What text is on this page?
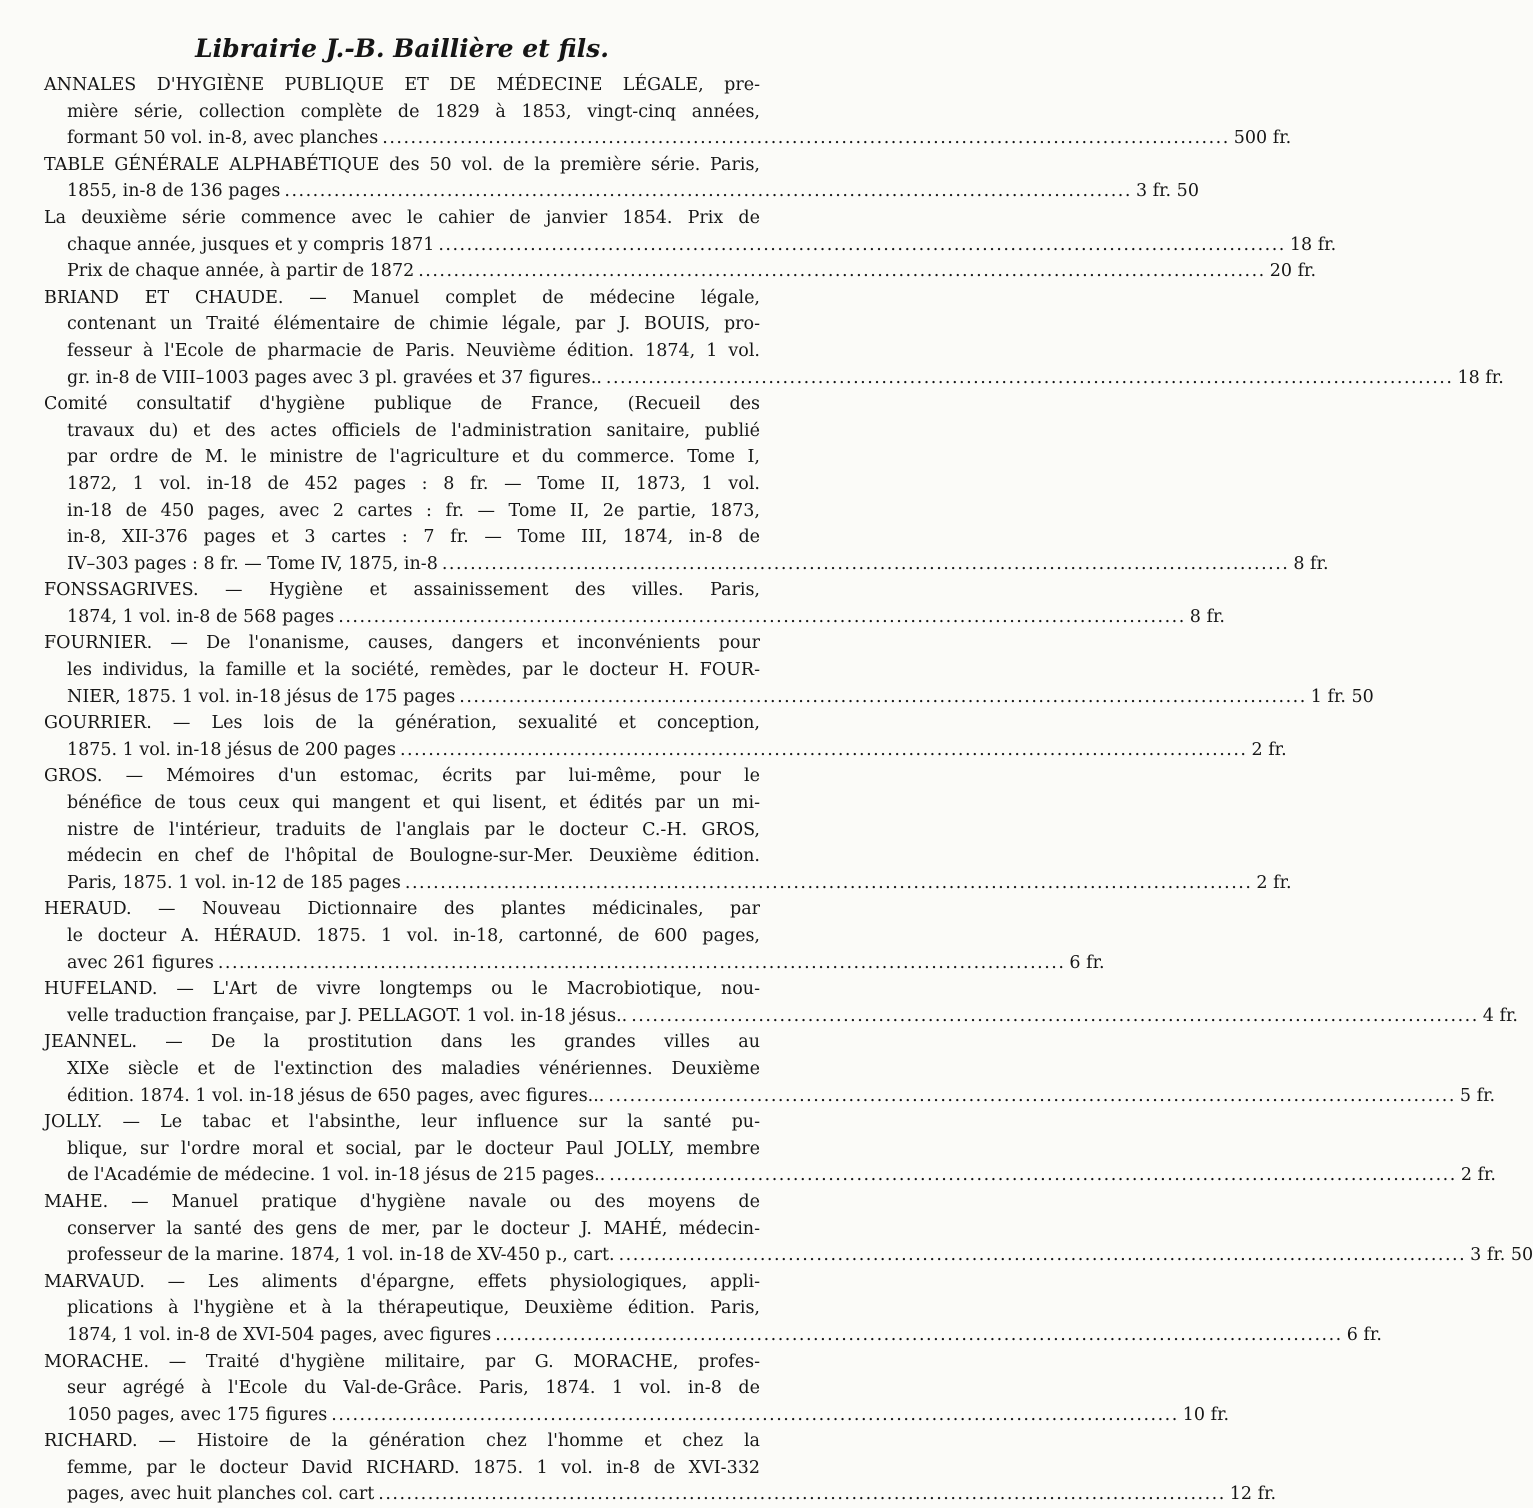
Librairie J.-B. Baillière et fils.
ANNALES D'HYGIÈNE PUBLIQUE ET DE MÉDECINE LÉGALE, pre-
mière série, collection complète de 1829 à 1853, vingt-cinq années,
formant 50 vol. in-8, avec planches ........................................................................................................................ 500 fr.
TABLE GÉNÉRALE ALPHABÉTIQUE des 50 vol. de la première série. Paris,
1855, in-8 de 136 pages ........................................................................................................................ 3 fr. 50
La deuxième série commence avec le cahier de janvier 1854. Prix de
chaque année, jusques et y compris 1871 ........................................................................................................................ 18 fr.
Prix de chaque année, à partir de 1872 ........................................................................................................................ 20 fr.
BRIAND ET CHAUDE. — Manuel complet de médecine légale,
contenant un Traité élémentaire de chimie légale, par J. BOUIS, pro-
fesseur à l'Ecole de pharmacie de Paris. Neuvième édition. 1874, 1 vol.
gr. in-8 de VIII–1003 pages avec 3 pl. gravées et 37 figures.. ........................................................................................................................ 18 fr.
Comité consultatif d'hygiène publique de France, (Recueil des
travaux du) et des actes officiels de l'administration sanitaire, publié
par ordre de M. le ministre de l'agriculture et du commerce. Tome I,
1872, 1 vol. in-18 de 452 pages : 8 fr. — Tome II, 1873, 1 vol.
in-18 de 450 pages, avec 2 cartes : fr. — Tome II, 2e partie, 1873,
in-8, XII-376 pages et 3 cartes : 7 fr. — Tome III, 1874, in-8 de
IV–303 pages : 8 fr. — Tome IV, 1875, in-8 ........................................................................................................................ 8 fr.
FONSSAGRIVES. — Hygiène et assainissement des villes. Paris,
1874, 1 vol. in-8 de 568 pages ........................................................................................................................ 8 fr.
FOURNIER. — De l'onanisme, causes, dangers et inconvénients pour
les individus, la famille et la société, remèdes, par le docteur H. FOUR-
NIER, 1875. 1 vol. in-18 jésus de 175 pages ........................................................................................................................ 1 fr. 50
GOURRIER. — Les lois de la génération, sexualité et conception,
1875. 1 vol. in-18 jésus de 200 pages ........................................................................................................................ 2 fr.
GROS. — Mémoires d'un estomac, écrits par lui-même, pour le
bénéfice de tous ceux qui mangent et qui lisent, et édités par un mi-
nistre de l'intérieur, traduits de l'anglais par le docteur C.-H. GROS,
médecin en chef de l'hôpital de Boulogne-sur-Mer. Deuxième édition.
Paris, 1875. 1 vol. in-12 de 185 pages ........................................................................................................................ 2 fr.
HERAUD. — Nouveau Dictionnaire des plantes médicinales, par
le docteur A. HÉRAUD. 1875. 1 vol. in-18, cartonné, de 600 pages,
avec 261 figures ........................................................................................................................ 6 fr.
HUFELAND. — L'Art de vivre longtemps ou le Macrobiotique, nou-
velle traduction française, par J. PELLAGOT. 1 vol. in-18 jésus.. ........................................................................................................................ 4 fr.
JEANNEL. — De la prostitution dans les grandes villes au
XIXe siècle et de l'extinction des maladies vénériennes. Deuxième
édition. 1874. 1 vol. in-18 jésus de 650 pages, avec figures... ........................................................................................................................ 5 fr.
JOLLY. — Le tabac et l'absinthe, leur influence sur la santé pu-
blique, sur l'ordre moral et social, par le docteur Paul JOLLY, membre
de l'Académie de médecine. 1 vol. in-18 jésus de 215 pages.. ........................................................................................................................ 2 fr.
MAHE. — Manuel pratique d'hygiène navale ou des moyens de
conserver la santé des gens de mer, par le docteur J. MAHÉ, médecin-
professeur de la marine. 1874, 1 vol. in-18 de XV-450 p., cart. ........................................................................................................................ 3 fr. 50
MARVAUD. — Les aliments d'épargne, effets physiologiques, appli-
plications à l'hygiène et à la thérapeutique, Deuxième édition. Paris,
1874, 1 vol. in-8 de XVI-504 pages, avec figures ........................................................................................................................ 6 fr.
MORACHE. — Traité d'hygiène militaire, par G. MORACHE, profes-
seur agrégé à l'Ecole du Val-de-Grâce. Paris, 1874. 1 vol. in-8 de
1050 pages, avec 175 figures ........................................................................................................................ 10 fr.
RICHARD. — Histoire de la génération chez l'homme et chez la
femme, par le docteur David RICHARD. 1875. 1 vol. in-8 de XVI-332
pages, avec huit planches col. cart ........................................................................................................................ 12 fr.
